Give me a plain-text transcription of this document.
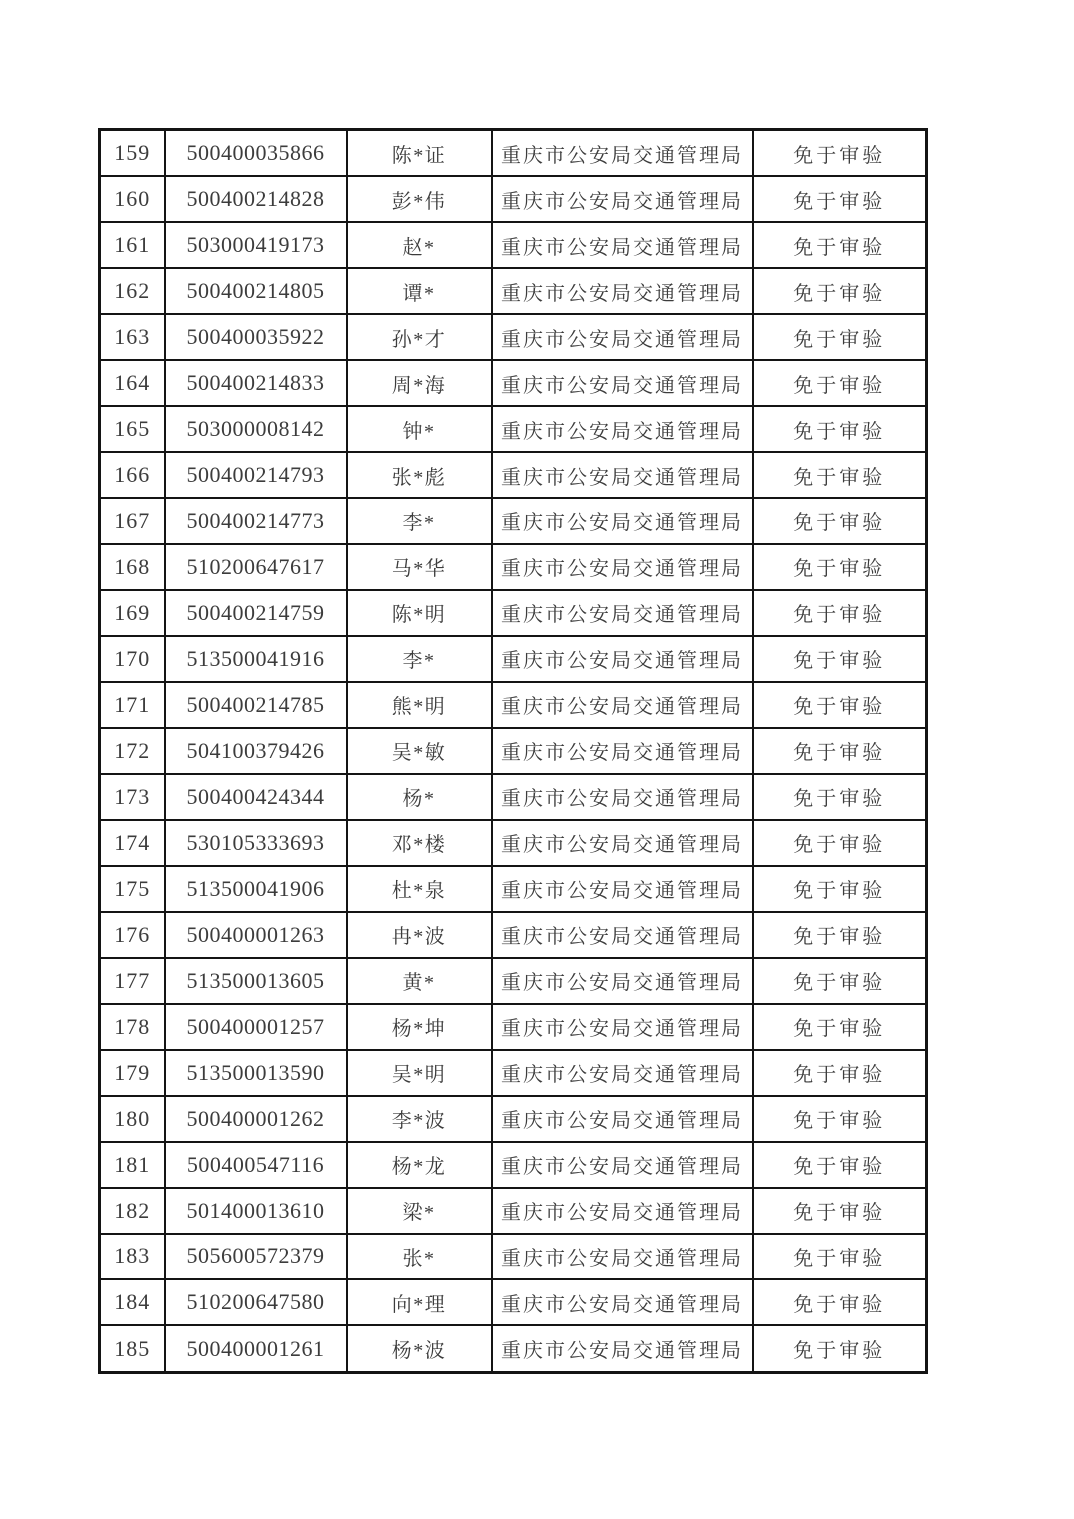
159	500400035866	陈*证	重庆市公安局交通管理局	免于审验
160	500400214828	彭*伟	重庆市公安局交通管理局	免于审验
161	503000419173	赵*	重庆市公安局交通管理局	免于审验
162	500400214805	谭*	重庆市公安局交通管理局	免于审验
163	500400035922	孙*才	重庆市公安局交通管理局	免于审验
164	500400214833	周*海	重庆市公安局交通管理局	免于审验
165	503000008142	钟*	重庆市公安局交通管理局	免于审验
166	500400214793	张*彪	重庆市公安局交通管理局	免于审验
167	500400214773	李*	重庆市公安局交通管理局	免于审验
168	510200647617	马*华	重庆市公安局交通管理局	免于审验
169	500400214759	陈*明	重庆市公安局交通管理局	免于审验
170	513500041916	李*	重庆市公安局交通管理局	免于审验
171	500400214785	熊*明	重庆市公安局交通管理局	免于审验
172	504100379426	吴*敏	重庆市公安局交通管理局	免于审验
173	500400424344	杨*	重庆市公安局交通管理局	免于审验
174	530105333693	邓*楼	重庆市公安局交通管理局	免于审验
175	513500041906	杜*泉	重庆市公安局交通管理局	免于审验
176	500400001263	冉*波	重庆市公安局交通管理局	免于审验
177	513500013605	黄*	重庆市公安局交通管理局	免于审验
178	500400001257	杨*坤	重庆市公安局交通管理局	免于审验
179	513500013590	吴*明	重庆市公安局交通管理局	免于审验
180	500400001262	李*波	重庆市公安局交通管理局	免于审验
181	500400547116	杨*龙	重庆市公安局交通管理局	免于审验
182	501400013610	梁*	重庆市公安局交通管理局	免于审验
183	505600572379	张*	重庆市公安局交通管理局	免于审验
184	510200647580	向*理	重庆市公安局交通管理局	免于审验
185	500400001261	杨*波	重庆市公安局交通管理局	免于审验
